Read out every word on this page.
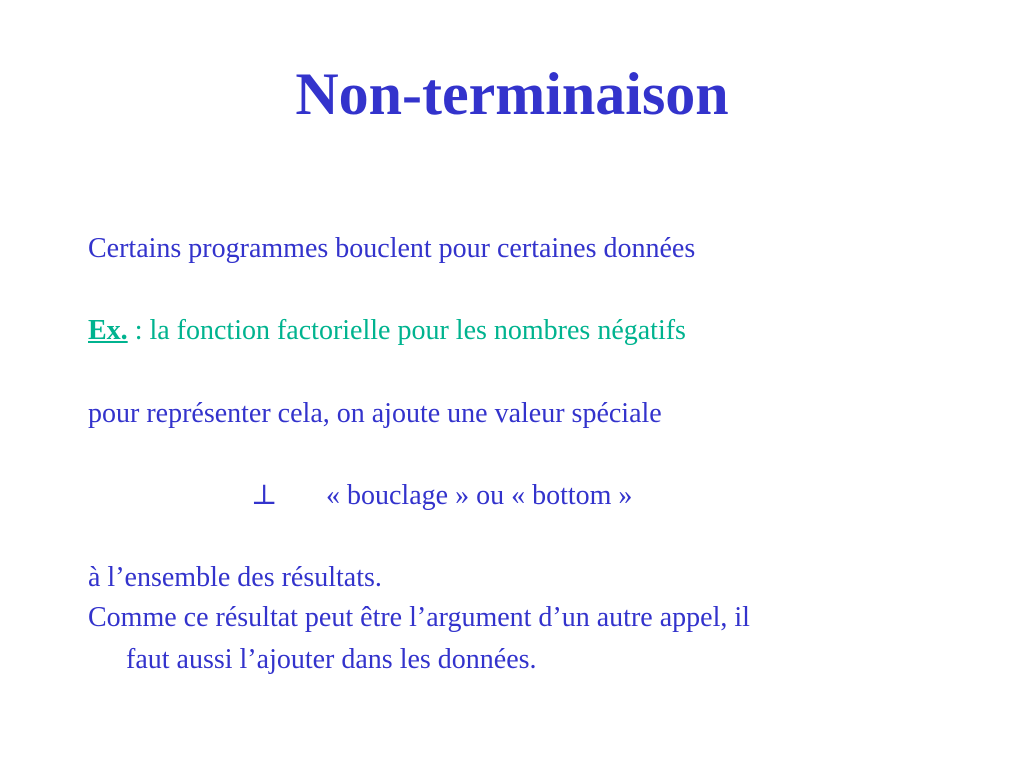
Non-terminaison
Certains programmes bouclent pour certaines données
Ex. : la fonction factorielle pour les nombres négatifs
pour représenter cela, on ajoute une valeur spéciale
⊥ « bouclage » ou « bottom »
à l’ensemble des résultats.
Comme ce résultat peut être l’argument d’un autre appel, il
faut aussi l’ajouter dans les données.
